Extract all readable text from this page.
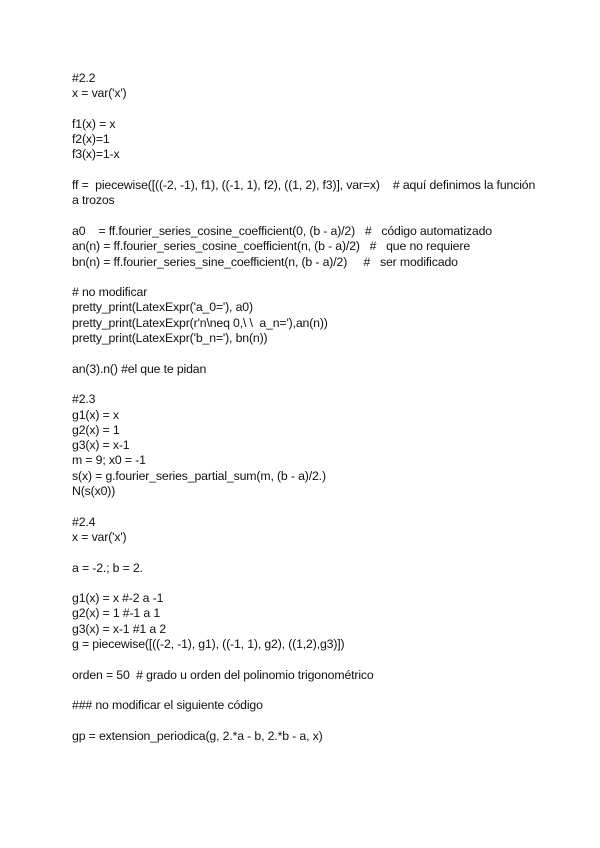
#2.2
x = var('x')
f1(x) = x
f2(x)=1
f3(x)=1-x
ff =  piecewise([((-2, -1), f1), ((-1, 1), f2), ((1, 2), f3)], var=x)    # aquí definimos la función a trozos
a0    = ff.fourier_series_cosine_coefficient(0, (b - a)/2)   #   código automatizado
an(n) = ff.fourier_series_cosine_coefficient(n, (b - a)/2)   #   que no requiere
bn(n) = ff.fourier_series_sine_coefficient(n, (b - a)/2)     #   ser modificado
# no modificar
pretty_print(LatexExpr('a_0='), a0)
pretty_print(LatexExpr(r'n\neq 0,\ \  a_n='),an(n))
pretty_print(LatexExpr('b_n='), bn(n))
an(3).n() #el que te pidan
#2.3
g1(x) = x
g2(x) = 1
g3(x) = x-1
m = 9; x0 = -1
s(x) = g.fourier_series_partial_sum(m, (b - a)/2.)
N(s(x0))
#2.4
x = var('x')
a = -2.; b = 2.
g1(x) = x #-2 a -1
g2(x) = 1 #-1 a 1
g3(x) = x-1 #1 a 2
g = piecewise([((-2, -1), g1), ((-1, 1), g2), ((1,2),g3)])
orden = 50  # grado u orden del polinomio trigonométrico
### no modificar el siguiente código
gp = extension_periodica(g, 2.*a - b, 2.*b - a, x)
